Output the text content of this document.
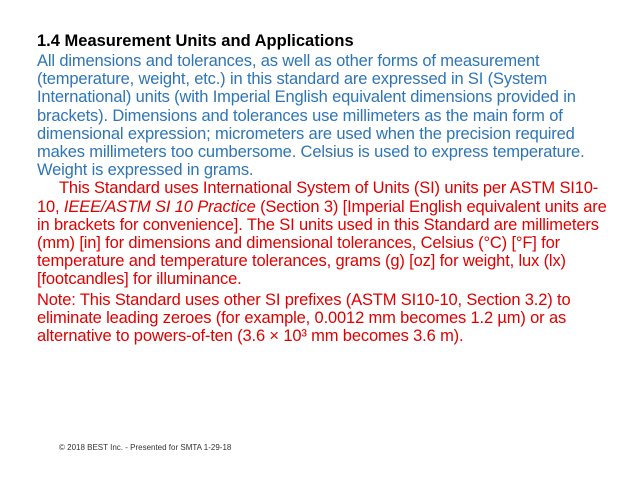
1.4 Measurement Units and Applications

All dimensions and tolerances, as well as other forms of measurement (temperature, weight, etc.) in this standard are expressed in SI (System International) units (with Imperial English equivalent dimensions provided in brackets). Dimensions and tolerances use millimeters as the main form of dimensional expression; micrometers are used when the precision required makes millimeters too cumbersome. Celsius is used to express temperature. Weight is expressed in grams.

This Standard uses International System of Units (SI) units per ASTM SI10-10, IEEE/ASTM SI 10 Practice (Section 3) [Imperial English equivalent units are in brackets for convenience]. The SI units used in this Standard are millimeters (mm) [in] for dimensions and dimensional tolerances, Celsius (°C) [°F] for temperature and temperature tolerances, grams (g) [oz] for weight, lux (lx) [footcandles] for illuminance.

Note: This Standard uses other SI prefixes (ASTM SI10-10, Section 3.2) to eliminate leading zeroes (for example, 0.0012 mm becomes 1.2 µm) or as alternative to powers-of-ten (3.6 × 10³ mm becomes 3.6 m).

© 2018 BEST Inc. - Presented for SMTA 1-29-18
